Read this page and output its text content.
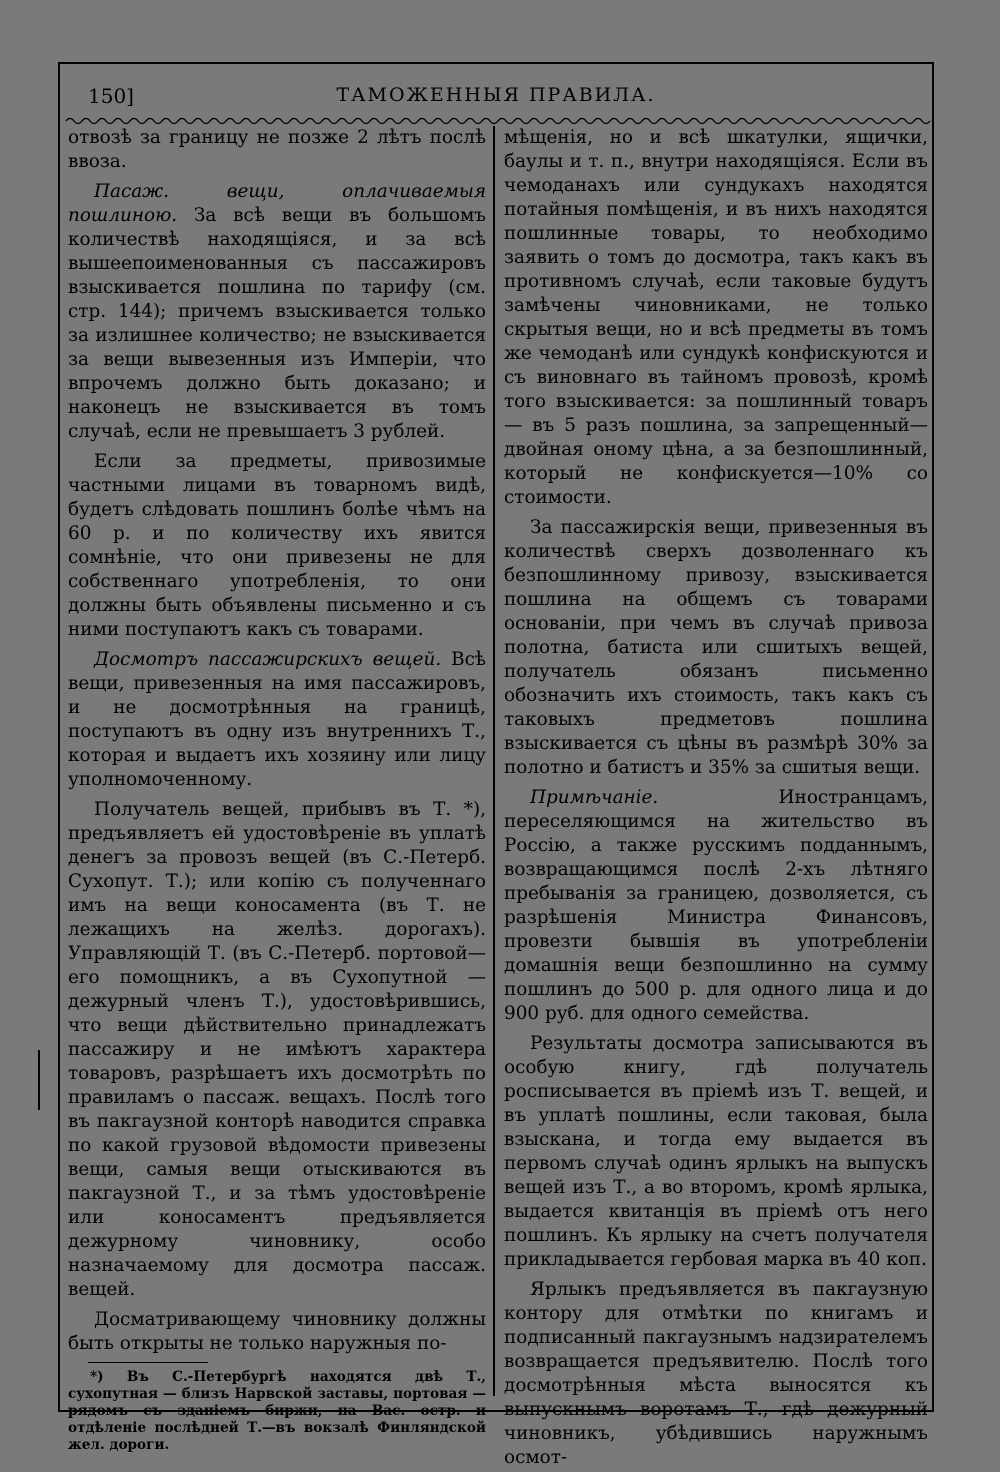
150]	ТАМОЖЕННЫЯ ПРАВИЛА.

отвозѣ за границу не позже 2 лѣтъ послѣ ввоза.

Пасаж. вещи, оплачиваемыя пошлиною. За всѣ вещи въ большомъ количествѣ находящіяся, и за всѣ вышеепоименованныя съ пассажировъ взыскивается пошлина по тарифу (см. стр. 144); причемъ взыскивается только за излишнее количество; не взыскивается за вещи вывезенныя изъ Имперіи, что впрочемъ должно быть доказано; и наконецъ не взыскивается въ томъ случаѣ, если не превышаетъ 3 рублей.

Если за предметы, привозимые частными лицами въ товарномъ видѣ, будетъ слѣдовать пошлинъ болѣе чѣмъ на 60 р. и по количеству ихъ явится сомнѣніе, что они привезены не для собственнаго употребленія, то они должны быть объявлены письменно и съ ними поступаютъ какъ съ товарами.

Досмотръ пассажирскихъ вещей. Всѣ вещи, привезенныя на имя пассажировъ, и не досмотрѣнныя на границѣ, поступаютъ въ одну изъ внутреннихъ Т., которая и выдаетъ ихъ хозяину или лицу уполномоченному.

Получатель вещей, прибывъ въ Т. *), предъявляетъ ей удостовѣреніе въ уплатѣ денегъ за провозъ вещей (въ С.-Петерб. Сухопут. Т.); или копію съ полученнаго имъ на вещи коносамента (въ Т. не лежащихъ на желѣз. дорогахъ). Управляющій Т. (въ С.-Петерб. портовой—его помощникъ, а въ Сухопутной — дежурный членъ Т.), удостовѣрившись, что вещи дѣйствительно принадлежатъ пассажиру и не имѣютъ характера товаровъ, разрѣшаетъ ихъ досмотрѣть по правиламъ о пассаж. вещахъ. Послѣ того въ пакгаузной конторѣ наводится справка по какой грузовой вѣдомости привезены вещи, самыя вещи отыскиваются въ пакгаузной Т., и за тѣмъ удостовѣреніе или коносаментъ предъявляется дежурному чиновнику, особо назначаемому для досмотра пассаж. вещей.

Досматривающему чиновнику должны быть открыты не только наружныя по-

*) Въ С.-Петербургѣ находятся двѣ Т., сухопутная — близъ Нарвской заставы, портовая — рядомъ съ зданіемъ биржи, на Вас. остр. и отдѣленіе послѣдней Т.—въ вокзалѣ Финляндской жел. дороги.

мѣщенія, но и всѣ шкатулки, ящички, баулы и т. п., внутри находящіяся. Если въ чемоданахъ или сундукахъ находятся потайныя помѣщенія, и въ нихъ находятся пошлинные товары, то необходимо заявить о томъ до досмотра, такъ какъ въ противномъ случаѣ, если таковые будутъ замѣчены чиновниками, не только скрытыя вещи, но и всѣ предметы въ томъ же чемоданѣ или сундукѣ конфискуются и съ виновнаго въ тайномъ провозѣ, кромѣ того взыскивается: за пошлинный товаръ — въ 5 разъ пошлина, за запрещенный—двойная оному цѣна, а за безпошлинный, который не конфискуется—10% со стоимости.

За пассажирскія вещи, привезенныя въ количествѣ сверхъ дозволеннаго къ безпошлинному привозу, взыскивается пошлина на общемъ съ товарами основаніи, при чемъ въ случаѣ привоза полотна, батиста или сшитыхъ вещей, получатель обязанъ письменно обозначить ихъ стоимость, такъ какъ съ таковыхъ предметовъ пошлина взыскивается съ цѣны въ размѣрѣ 30% за полотно и батистъ и 35% за сшитыя вещи.

Примѣчаніе. Иностранцамъ, переселяющимся на жительство въ Россію, а также русскимъ подданнымъ, возвращающимся послѣ 2-хъ лѣтняго пребыванія за границею, дозволяется, съ разрѣшенія Министра Финансовъ, провезти бывшія въ употребленіи домашнія вещи безпошлинно на сумму пошлинъ до 500 р. для одного лица и до 900 руб. для одного семейства.

Результаты досмотра записываются въ особую книгу, гдѣ получатель росписывается въ пріемѣ изъ Т. вещей, и въ уплатѣ пошлины, если таковая, была взыскана, и тогда ему выдается въ первомъ случаѣ одинъ ярлыкъ на выпускъ вещей изъ Т., а во второмъ, кромѣ ярлыка, выдается квитанція въ пріемѣ отъ него пошлинъ. Къ ярлыку на счетъ получателя прикладывается гербовая марка въ 40 коп.

Ярлыкъ предъявляется въ пакгаузную контору для отмѣтки по книгамъ и подписанный пакгаузнымъ надзирателемъ возвращается предъявителю. Послѣ того досмотрѣнныя мѣста выносятся къ выпускнымъ воротамъ Т., гдѣ дежурный чиновникъ, убѣдившись наружнымъ осмот-
